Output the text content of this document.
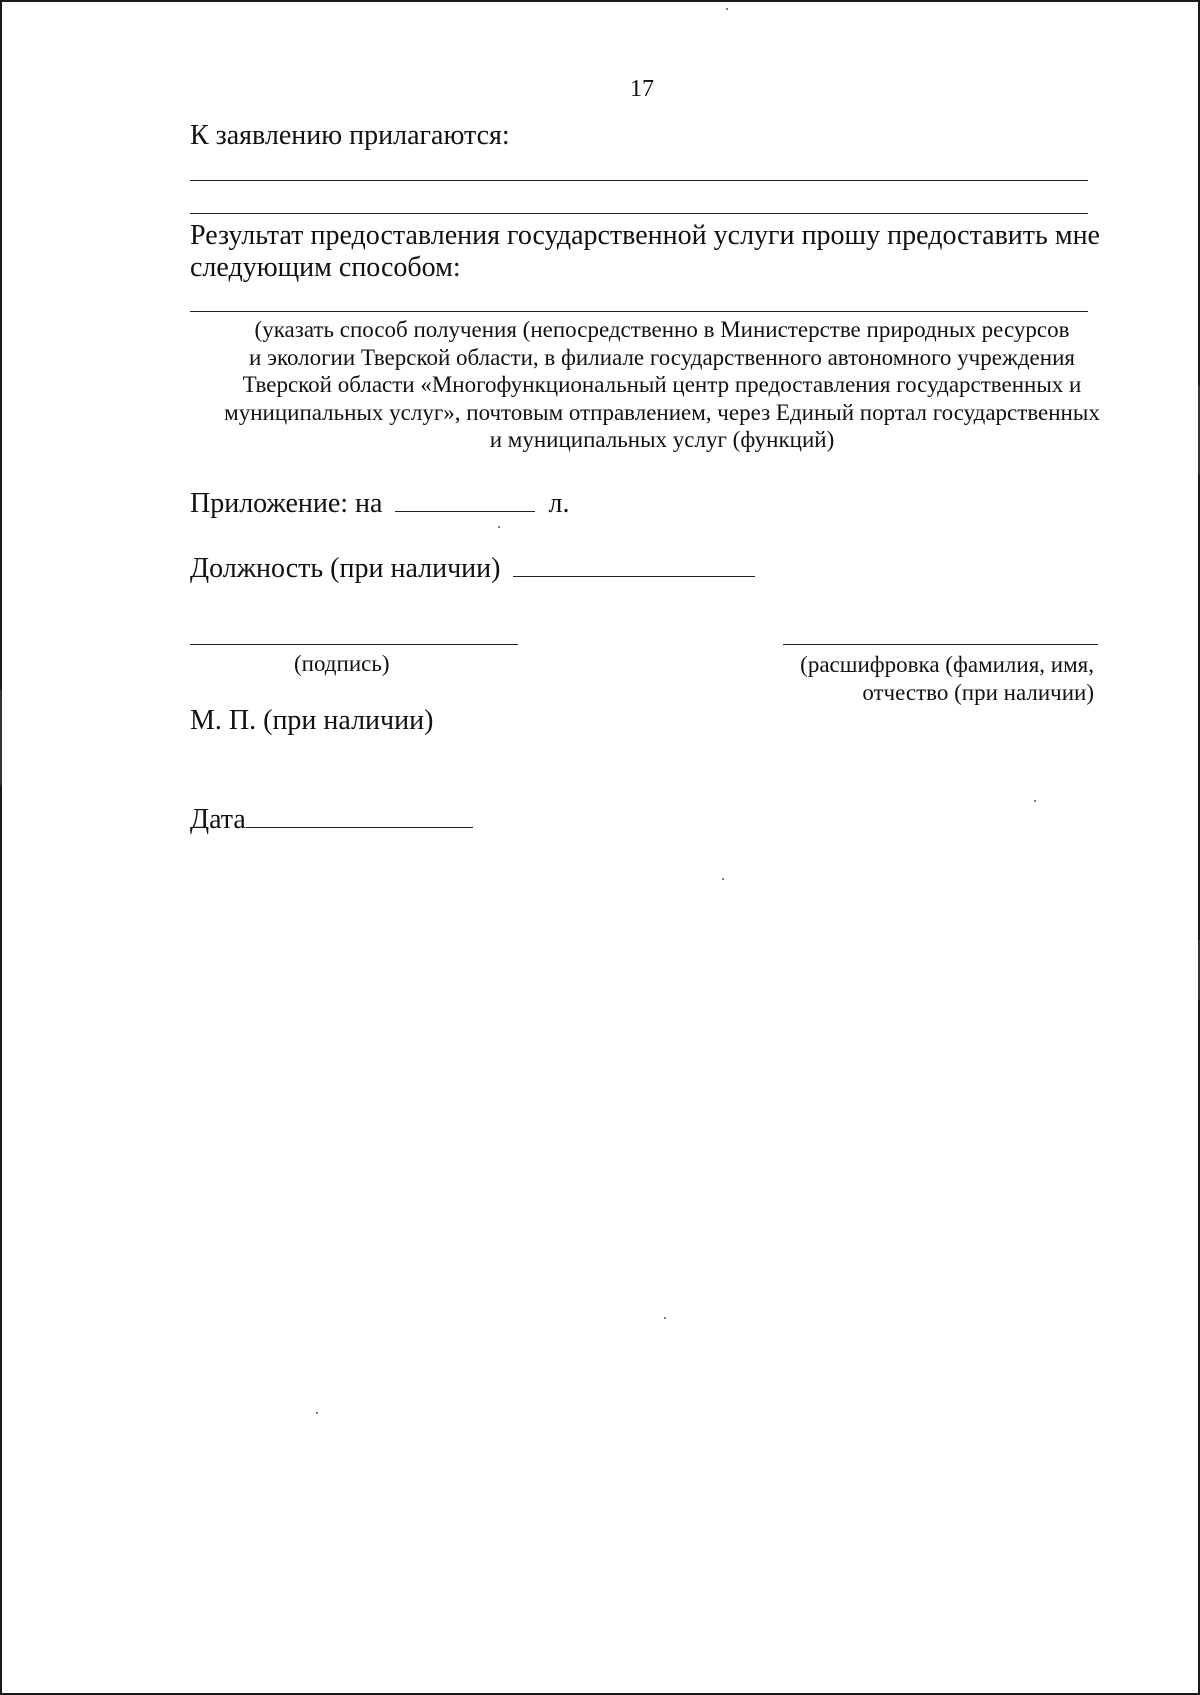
17
К заявлению прилагаются:
Результат предоставления государственной услуги прошу предоставить мне следующим способом:
(указать способ получения (непосредственно в Министерстве природных ресурсов
и экологии Тверской области, в филиале государственного автономного учреждения
Тверской области «Многофункциональный центр предоставления государственных и
муниципальных услуг», почтовым отправлением, через Единый портал государственных
и муниципальных услуг (функций)
Приложение: на	л.
Должность (при наличии)
(подпись)	(расшифровка (фамилия, имя,
отчество (при наличии)
М. П. (при наличии)
Дата
